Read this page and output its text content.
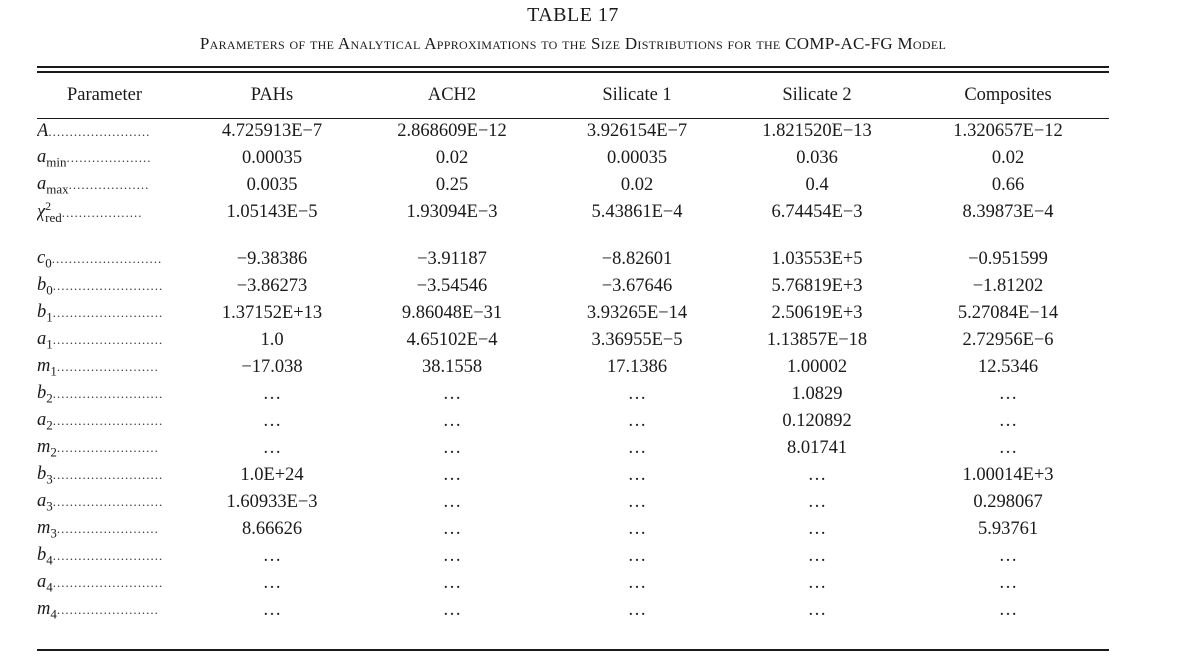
TABLE 17
Parameters of the Analytical Approximations to the Size Distributions for the COMP-AC-FG Model
Parameter	PAHs	ACH2	Silicate 1	Silicate 2	Composites
A........................	4.725913E−7	2.868609E−12	3.926154E−7	1.821520E−13	1.320657E−12
$a_{min}$....................	0.00035	0.02	0.00035	0.036	0.02
$a_{max}$...................	0.0035	0.25	0.02	0.4	0.66
$\chi^2_{red}$...................	1.05143E−5	1.93094E−3	5.43861E−4	6.74454E−3	8.39873E−4

$c_0$..........................	−9.38386	−3.91187	−8.82601	1.03553E+5	−0.951599
$b_0$..........................	−3.86273	−3.54546	−3.67646	5.76819E+3	−1.81202
$b_1$..........................	1.37152E+13	9.86048E−31	3.93265E−14	2.50619E+3	5.27084E−14
$a_1$..........................	1.0	4.65102E−4	3.36955E−5	1.13857E−18	2.72956E−6
$m_1$........................	−17.038	38.1558	17.1386	1.00002	12.5346
$b_2$..........................	…	…	…	1.0829	…
$a_2$..........................	…	…	…	0.120892	…
$m_2$........................	…	…	…	8.01741	…
$b_3$..........................	1.0E+24	…	…	…	1.00014E+3
$a_3$..........................	1.60933E−3	…	…	…	0.298067
$m_3$........................	8.66626	…	…	…	5.93761
$b_4$..........................	…	…	…	…	…
$a_4$..........................	…	…	…	…	…
$m_4$........................	…	…	…	…	…
